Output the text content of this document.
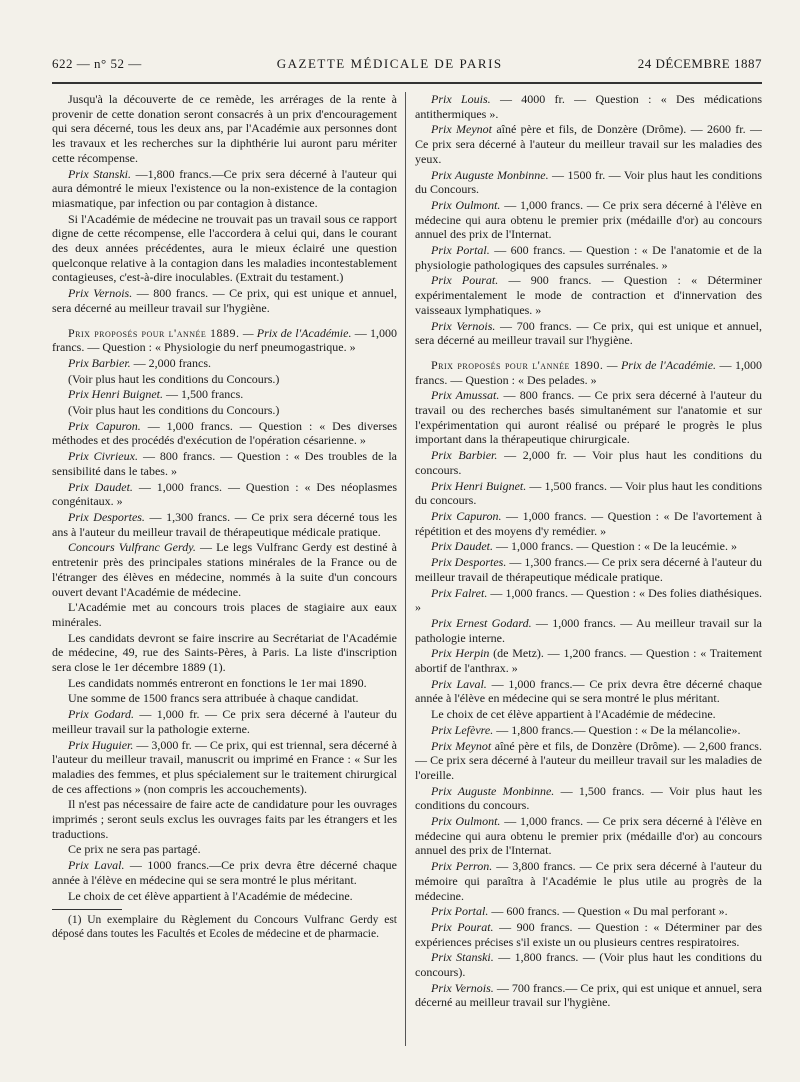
622 — n° 52 —	GAZETTE MÉDICALE DE PARIS	24 DÉCEMBRE 1887

Jusqu'à la découverte de ce remède, les arrérages de la rente à provenir de cette donation seront consacrés à un prix d'encouragement qui sera décerné, tous les deux ans, par l'Académie aux personnes dont les travaux et les recherches sur la diphthérie lui auront paru mériter cette récompense.

Prix Stanski. —1,800 francs.—Ce prix sera décerné à l'auteur qui aura démontré le mieux l'existence ou la non-existence de la contagion miasmatique, par infection ou par contagion à distance.

Si l'Académie de médecine ne trouvait pas un travail sous ce rapport digne de cette récompense, elle l'accordera à celui qui, dans le courant des deux années précédentes, aura le mieux éclairé une question quelconque relative à la contagion dans les maladies incontestablement contagieuses, c'est-à-dire inoculables. (Extrait du testament.)

Prix Vernois. — 800 francs. — Ce prix, qui est unique et annuel, sera décerné au meilleur travail sur l'hygiène.

Prix proposés pour l'année 1889. — Prix de l'Académie. — 1,000 francs. — Question : « Physiologie du nerf pneumogastrique. »

Prix Barbier. — 2,000 francs.

(Voir plus haut les conditions du Concours.)

Prix Henri Buignet. — 1,500 francs.

(Voir plus haut les conditions du Concours.)

Prix Capuron. — 1,000 francs. — Question : « Des diverses méthodes et des procédés d'exécution de l'opération césarienne. »

Prix Civrieux. — 800 francs. — Question : « Des troubles de la sensibilité dans le tabes. »

Prix Daudet. — 1,000 francs. — Question : « Des néoplasmes congénitaux. »

Prix Desportes. — 1,300 francs. — Ce prix sera décerné tous les ans à l'auteur du meilleur travail de thérapeutique médicale pratique.

Concours Vulfranc Gerdy. — Le legs Vulfranc Gerdy est destiné à entretenir près des principales stations minérales de la France ou de l'étranger des élèves en médecine, nommés à la suite d'un concours ouvert devant l'Académie de médecine.

L'Académie met au concours trois places de stagiaire aux eaux minérales.

Les candidats devront se faire inscrire au Secrétariat de l'Académie de médecine, 49, rue des Saints-Pères, à Paris. La liste d'inscription sera close le 1er décembre 1889 (1).

Les candidats nommés entreront en fonctions le 1er mai 1890.

Une somme de 1500 francs sera attribuée à chaque candidat.

Prix Godard. — 1,000 fr. — Ce prix sera décerné à l'auteur du meilleur travail sur la pathologie externe.

Prix Huguier. — 3,000 fr. — Ce prix, qui est triennal, sera décerné à l'auteur du meilleur travail, manuscrit ou imprimé en France : « Sur les maladies des femmes, et plus spécialement sur le traitement chirurgical de ces affections » (non compris les accouchements).

Il n'est pas nécessaire de faire acte de candidature pour les ouvrages imprimés ; seront seuls exclus les ouvrages faits par les étrangers et les traductions.

Ce prix ne sera pas partagé.

Prix Laval. — 1000 francs.—Ce prix devra être décerné chaque année à l'élève en médecine qui se sera montré le plus méritant.

Le choix de cet élève appartient à l'Académie de médecine.

(1) Un exemplaire du Règlement du Concours Vulfranc Gerdy est déposé dans toutes les Facultés et Ecoles de médecine et de pharmacie.

Prix Louis. — 4000 fr. — Question : « Des médications antithermiques ».

Prix Meynot aîné père et fils, de Donzère (Drôme). — 2600 fr. — Ce prix sera décerné à l'auteur du meilleur travail sur les maladies des yeux.

Prix Auguste Monbinne. — 1500 fr. — Voir plus haut les conditions du Concours.

Prix Oulmont. — 1,000 francs. — Ce prix sera décerné à l'élève en médecine qui aura obtenu le premier prix (médaille d'or) au concours annuel des prix de l'Internat.

Prix Portal. — 600 francs. — Question : « De l'anatomie et de la physiologie pathologiques des capsules surrénales. »

Prix Pourat. — 900 francs. — Question : « Déterminer expérimentalement le mode de contraction et d'innervation des vaisseaux lymphatiques. »

Prix Vernois. — 700 francs. — Ce prix, qui est unique et annuel, sera décerné au meilleur travail sur l'hygiène.

Prix proposés pour l'année 1890. — Prix de l'Académie. — 1,000 francs. — Question : « Des pelades. »

Prix Amussat. — 800 francs. — Ce prix sera décerné à l'auteur du travail ou des recherches basés simultanément sur l'anatomie et sur l'expérimentation qui auront réalisé ou préparé le progrès le plus important dans la thérapeutique chirurgicale.

Prix Barbier. — 2,000 fr. — Voir plus haut les conditions du concours.

Prix Henri Buignet. — 1,500 francs. — Voir plus haut les conditions du concours.

Prix Capuron. — 1,000 francs. — Question : « De l'avortement à répétition et des moyens d'y remédier. »

Prix Daudet. — 1,000 francs. — Question : « De la leucémie. »

Prix Desportes. — 1,300 francs.— Ce prix sera décerné à l'auteur du meilleur travail de thérapeutique médicale pratique.

Prix Falret. — 1,000 francs. — Question : « Des folies diathésiques. »

Prix Ernest Godard. — 1,000 francs. — Au meilleur travail sur la pathologie interne.

Prix Herpin (de Metz). — 1,200 francs. — Question : « Traitement abortif de l'anthrax. »

Prix Laval. — 1,000 francs.— Ce prix devra être décerné chaque année à l'élève en médecine qui se sera montré le plus méritant.

Le choix de cet élève appartient à l'Académie de médecine.

Prix Lefèvre. — 1,800 francs.— Question : « De la mélancolie».

Prix Meynot aîné père et fils, de Donzère (Drôme). — 2,600 francs. — Ce prix sera décerné à l'auteur du meilleur travail sur les maladies de l'oreille.

Prix Auguste Monbinne. — 1,500 francs. — Voir plus haut les conditions du concours.

Prix Oulmont. — 1,000 francs. — Ce prix sera décerné à l'élève en médecine qui aura obtenu le premier prix (médaille d'or) au concours annuel des prix de l'Internat.

Prix Perron. — 3,800 francs. — Ce prix sera décerné à l'auteur du mémoire qui paraîtra à l'Académie le plus utile au progrès de la médecine.

Prix Portal. — 600 francs. — Question « Du mal perforant ».

Prix Pourat. — 900 francs. — Question : « Déterminer par des expériences précises s'il existe un ou plusieurs centres respiratoires.

Prix Stanski. — 1,800 francs. — (Voir plus haut les conditions du concours).

Prix Vernois. — 700 francs.— Ce prix, qui est unique et annuel, sera décerné au meilleur travail sur l'hygiène.
